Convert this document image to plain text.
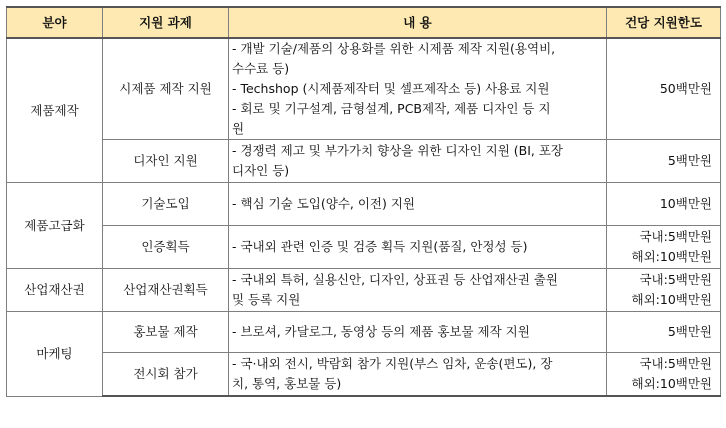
분야	지원 과제	내 용	건당 지원한도
제품제작	시제품 제작 지원	- 개발 기술/제품의 상용화를 위한 시제품 제작 지원(용역비,
수수료 등)
- Techshop (시제품제작터 및 셀프제작소 등) 사용료 지원
- 회로 및 기구설계, 금형설계, PCB제작, 제품 디자인 등 지
원	50백만원

	디자인 지원	- 경쟁력 제고 및 부가가치 향상을 위한 디자인 지원 (BI, 포장
디자인 등)	5백만원

제품고급화	기술도입	- 핵심 기술 도입(양수, 이전) 지원	10백만원

	인증획득	- 국내외 관련 인증 및 검증 획득 지원(품질, 안정성 등)	국내:5백만원
해외:10백만원

산업재산권	산업재산권획득	- 국내외 특허, 실용신안, 디자인, 상표권 등 산업재산권 출원
및 등록 지원	국내:5백만원
해외:10백만원

마케팅	홍보물 제작	- 브로셔, 카달로그, 동영상 등의 제품 홍보물 제작 지원	5백만원

	전시회 참가	- 국·내외 전시, 박람회 참가 지원(부스 임차, 운송(편도), 장
치, 통역, 홍보물 등)	국내:5백만원
해외:10백만원
